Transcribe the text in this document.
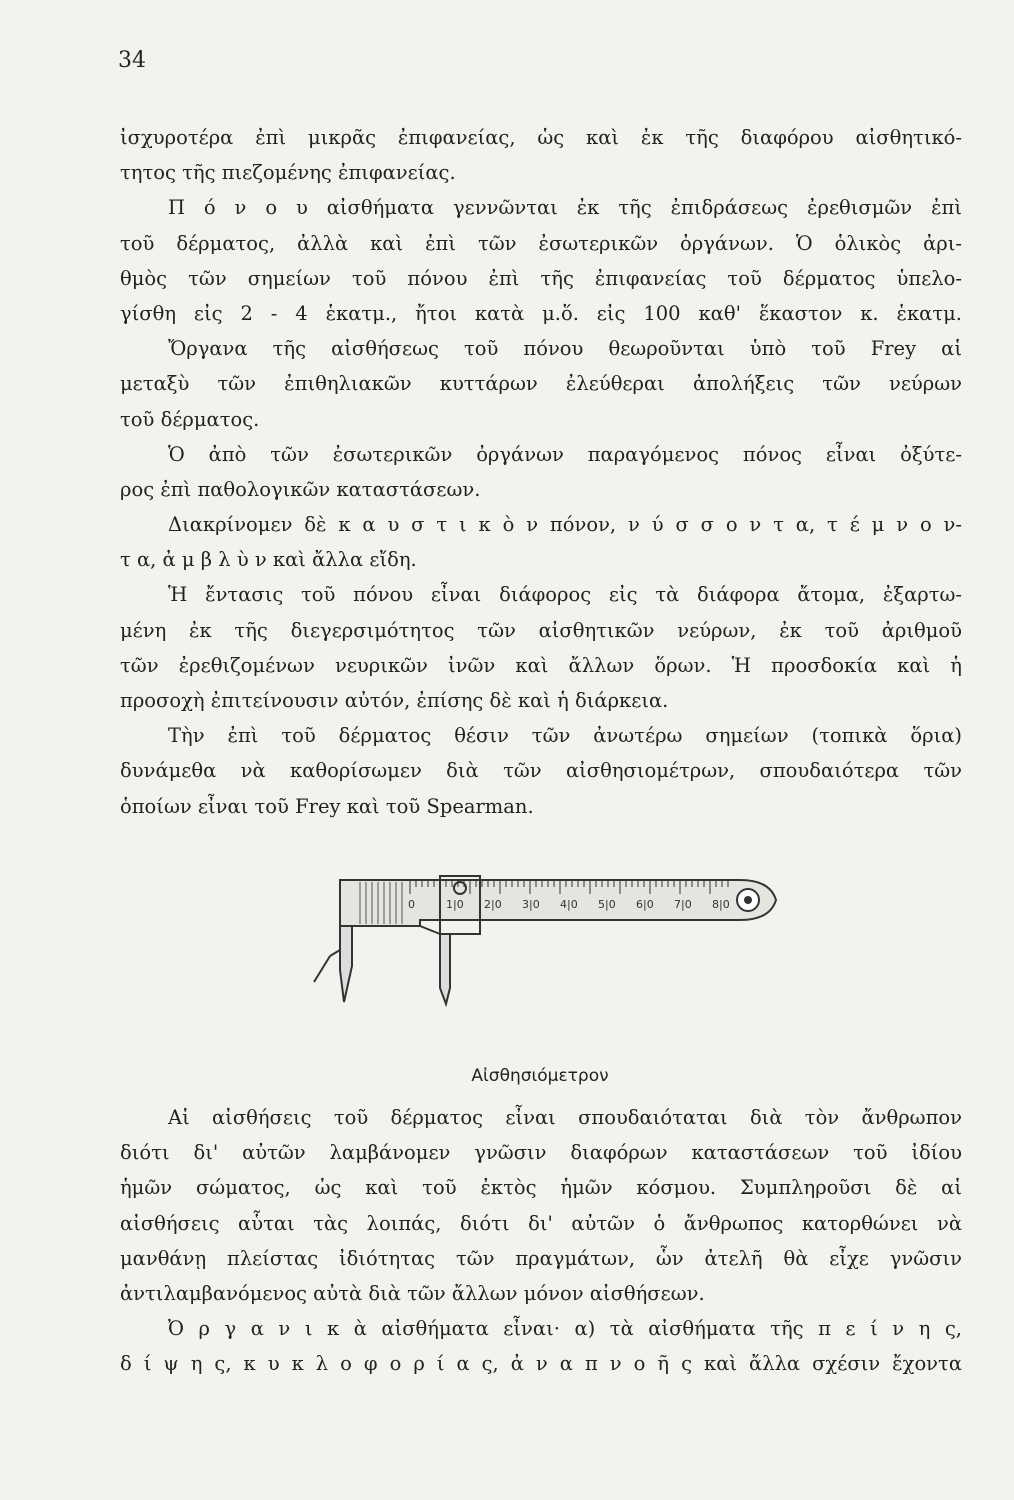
34
ἰσχυροτέρα ἐπὶ μικρᾶς ἐπιφανείας, ὡς καὶ ἐκ τῆς διαφόρου αἰσθητικό-
τητος τῆς πιεζομένης ἐπιφανείας.
Π ό ν ο υ αἰσθήματα γεννῶνται ἐκ τῆς ἐπιδράσεως ἐρεθισμῶν ἐπὶ
τοῦ δέρματος, ἀλλὰ καὶ ἐπὶ τῶν ἐσωτερικῶν ὀργάνων. Ὁ ὁλικὸς ἀρι-
θμὸς τῶν σημείων τοῦ πόνου ἐπὶ τῆς ἐπιφανείας τοῦ δέρματος ὑπελο-
γίσθη εἰς 2 - 4 ἑκατμ., ἤτοι κατὰ μ.ὅ. εἰς 100 καθ' ἕκαστον κ. ἑκατμ.
Ὄργανα τῆς αἰσθήσεως τοῦ πόνου θεωροῦνται ὑπὸ τοῦ Frey αἱ
μεταξὺ τῶν ἐπιθηλιακῶν κυττάρων ἐλεύθεραι ἀπολήξεις τῶν νεύρων
τοῦ δέρματος.
Ὁ ἀπὸ τῶν ἐσωτερικῶν ὀργάνων παραγόμενος πόνος εἶναι ὀξύτε-
ρος ἐπὶ παθολογικῶν καταστάσεων.
Διακρίνομεν δὲ κ α υ σ τ ι κ ὸ ν πόνον, ν ύ σ σ ο ν τ α, τ έ μ ν ο ν-
τ α, ἀ μ β λ ὺ ν καὶ ἄλλα εἴδη.
Ἡ ἔντασις τοῦ πόνου εἶναι διάφορος εἰς τὰ διάφορα ἄτομα, ἐξαρτω-
μένη ἐκ τῆς διεγερσιμότητος τῶν αἰσθητικῶν νεύρων, ἐκ τοῦ ἀριθμοῦ
τῶν ἐρεθιζομένων νευρικῶν ἰνῶν καὶ ἄλλων ὅρων. Ἡ προσδοκία καὶ ἡ
προσοχὴ ἐπιτείνουσιν αὐτόν, ἐπίσης δὲ καὶ ἡ διάρκεια.
Τὴν ἐπὶ τοῦ δέρματος θέσιν τῶν ἀνωτέρω σημείων (τοπικὰ ὅρια)
δυνάμεθα νὰ καθορίσωμεν διὰ τῶν αἰσθησιομέτρων, σπουδαιότερα τῶν
ὁποίων εἶναι τοῦ Frey καὶ τοῦ Spearman.
0	1|0 2|0 3|0 4|0 5|0 6|0 7|0 8|0
Αἰσθησιόμετρον
Αἱ αἰσθήσεις τοῦ δέρματος εἶναι σπουδαιόταται διὰ τὸν ἄνθρωπον
διότι δι' αὐτῶν λαμβάνομεν γνῶσιν διαφόρων καταστάσεων τοῦ ἰδίου
ἡμῶν σώματος, ὡς καὶ τοῦ ἐκτὸς ἡμῶν κόσμου. Συμπληροῦσι δὲ αἱ
αἰσθήσεις αὗται τὰς λοιπάς, διότι δι' αὐτῶν ὁ ἄνθρωπος κατορθώνει νὰ
μανθάνῃ πλείστας ἰδιότητας τῶν πραγμάτων, ὧν ἀτελῆ θὰ εἶχε γνῶσιν
ἀντιλαμβανόμενος αὐτὰ διὰ τῶν ἄλλων μόνον αἰσθήσεων.
Ὀ ρ γ α ν ι κ ὰ αἰσθήματα εἶναι· α) τὰ αἰσθήματα τῆς π ε ί ν η ς,
δ ί ψ η ς, κ υ κ λ ο φ ο ρ ί α ς, ἀ ν α π ν ο ῆ ς καὶ ἄλλα σχέσιν ἔχοντα
